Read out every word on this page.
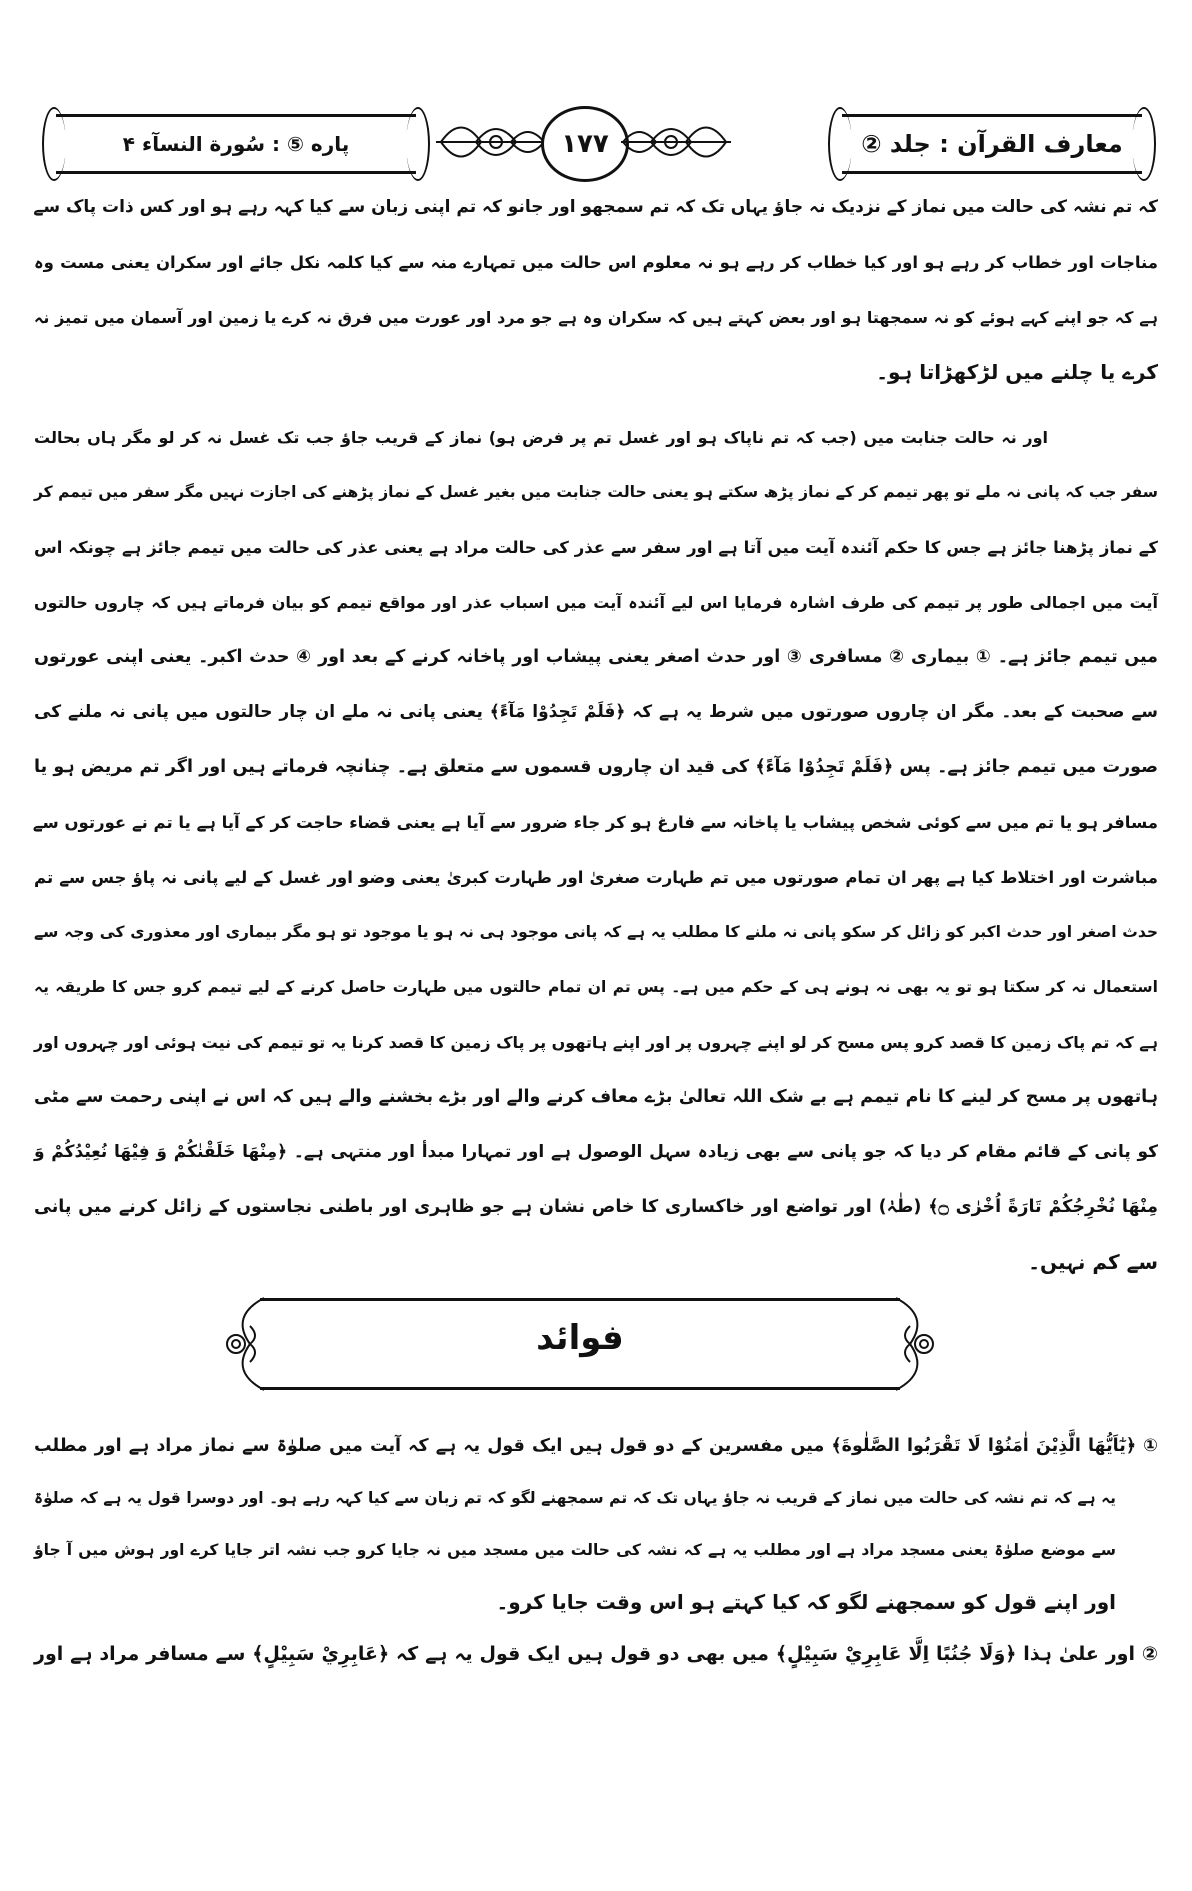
معارف القرآن : جلد ②
۱۷۷
پاره ⑤ : سُورة النسآء ۴
کہ تم نشہ کی حالت میں نماز کے نزدیک نہ جاؤ یہاں تک کہ تم سمجھو اور جانو کہ تم اپنی زبان سے کیا کہہ رہے ہو اور کس ذات پاک سے
مناجات اور خطاب کر رہے ہو اور کیا خطاب کر رہے ہو نہ معلوم اس حالت میں تمہارے منہ سے کیا کلمہ نکل جائے اور سکران یعنی مست وہ
ہے کہ جو اپنے کہے ہوئے کو نہ سمجھتا ہو اور بعض کہتے ہیں کہ سکران وہ ہے جو مرد اور عورت میں فرق نہ کرے یا زمین اور آسمان میں تمیز نہ
کرے یا چلنے میں لڑکھڑاتا ہو۔
اور نہ حالت جنابت میں (جب کہ تم ناپاک ہو اور غسل تم پر فرض ہو) نماز کے قریب جاؤ جب تک غسل نہ کر لو مگر ہاں بحالت
سفر جب کہ پانی نہ ملے تو پھر تیمم کر کے نماز پڑھ سکتے ہو یعنی حالت جنابت میں بغیر غسل کے نماز پڑھنے کی اجازت نہیں مگر سفر میں تیمم کر
کے نماز پڑھنا جائز ہے جس کا حکم آئندہ آیت میں آتا ہے اور سفر سے عذر کی حالت مراد ہے یعنی عذر کی حالت میں تیمم جائز ہے چونکہ اس
آیت میں اجمالی طور پر تیمم کی طرف اشارہ فرمایا اس لیے آئندہ آیت میں اسباب عذر اور مواقع تیمم کو بیان فرماتے ہیں کہ چاروں حالتوں
میں تیمم جائز ہے۔ ① بیماری ② مسافری ③ اور حدث اصغر یعنی پیشاب اور پاخانہ کرنے کے بعد اور ④ حدث اکبر۔ یعنی اپنی عورتوں
سے صحبت کے بعد۔ مگر ان چاروں صورتوں میں شرط یہ ہے کہ ﴿فَلَمْ تَجِدُوْا مَآءً﴾ یعنی پانی نہ ملے ان چار حالتوں میں پانی نہ ملنے کی
صورت میں تیمم جائز ہے۔ پس ﴿فَلَمْ تَجِدُوْا مَآءً﴾ کی قید ان چاروں قسموں سے متعلق ہے۔ چنانچہ فرماتے ہیں اور اگر تم مریض ہو یا
مسافر ہو یا تم میں سے کوئی شخص پیشاب یا پاخانہ سے فارغ ہو کر جاء ضرور سے آیا ہے یعنی قضاء حاجت کر کے آیا ہے یا تم نے عورتوں سے
مباشرت اور اختلاط کیا ہے پھر ان تمام صورتوں میں تم طہارت صغریٰ اور طہارت کبریٰ یعنی وضو اور غسل کے لیے پانی نہ پاؤ جس سے تم
حدث اصغر اور حدث اکبر کو زائل کر سکو پانی نہ ملنے کا مطلب یہ ہے کہ پانی موجود ہی نہ ہو یا موجود تو ہو مگر بیماری اور معذوری کی وجہ سے
استعمال نہ کر سکتا ہو تو یہ بھی نہ ہونے ہی کے حکم میں ہے۔ پس تم ان تمام حالتوں میں طہارت حاصل کرنے کے لیے تیمم کرو جس کا طریقہ یہ
ہے کہ تم پاک زمین کا قصد کرو پس مسح کر لو اپنے چہروں پر اور اپنے ہاتھوں پر پاک زمین کا قصد کرنا یہ تو تیمم کی نیت ہوئی اور چہروں اور
ہاتھوں پر مسح کر لینے کا نام تیمم ہے بے شک اللہ تعالیٰ بڑے معاف کرنے والے اور بڑے بخشنے والے ہیں کہ اس نے اپنی رحمت سے مٹی
کو پانی کے قائم مقام کر دیا کہ جو پانی سے بھی زیادہ سہل الوصول ہے اور تمہارا مبدأ اور منتہی ہے۔ ﴿مِنْهَا خَلَقْنٰكُمْ وَ فِيْهَا نُعِيْدُكُمْ وَ
مِنْهَا نُخْرِجُكُمْ تَارَةً اُخْرٰى ۝﴾ (طٰہٰ) اور تواضع اور خاکساری کا خاص نشان ہے جو ظاہری اور باطنی نجاستوں کے زائل کرنے میں پانی
سے کم نہیں۔
فوائد
① ﴿يٰٓاَيُّهَا الَّذِيْنَ اٰمَنُوْا لَا تَقْرَبُوا الصَّلٰوةَ﴾ میں مفسرین کے دو قول ہیں ایک قول یہ ہے کہ آیت میں صلوٰۃ سے نماز مراد ہے اور مطلب
یہ ہے کہ تم نشہ کی حالت میں نماز کے قریب نہ جاؤ یہاں تک کہ تم سمجھنے لگو کہ تم زبان سے کیا کہہ رہے ہو۔ اور دوسرا قول یہ ہے کہ صلوٰۃ
سے موضع صلوٰۃ یعنی مسجد مراد ہے اور مطلب یہ ہے کہ نشہ کی حالت میں مسجد میں نہ جایا کرو جب نشہ اتر جایا کرے اور ہوش میں آ جاؤ
اور اپنے قول کو سمجھنے لگو کہ کیا کہتے ہو اس وقت جایا کرو۔
② اور علیٰ ہذا ﴿وَلَا جُنُبًا اِلَّا عَابِرِيْ سَبِيْلٍ﴾ میں بھی دو قول ہیں ایک قول یہ ہے کہ ﴿عَابِرِيْ سَبِيْلٍ﴾ سے مسافر مراد ہے اور
